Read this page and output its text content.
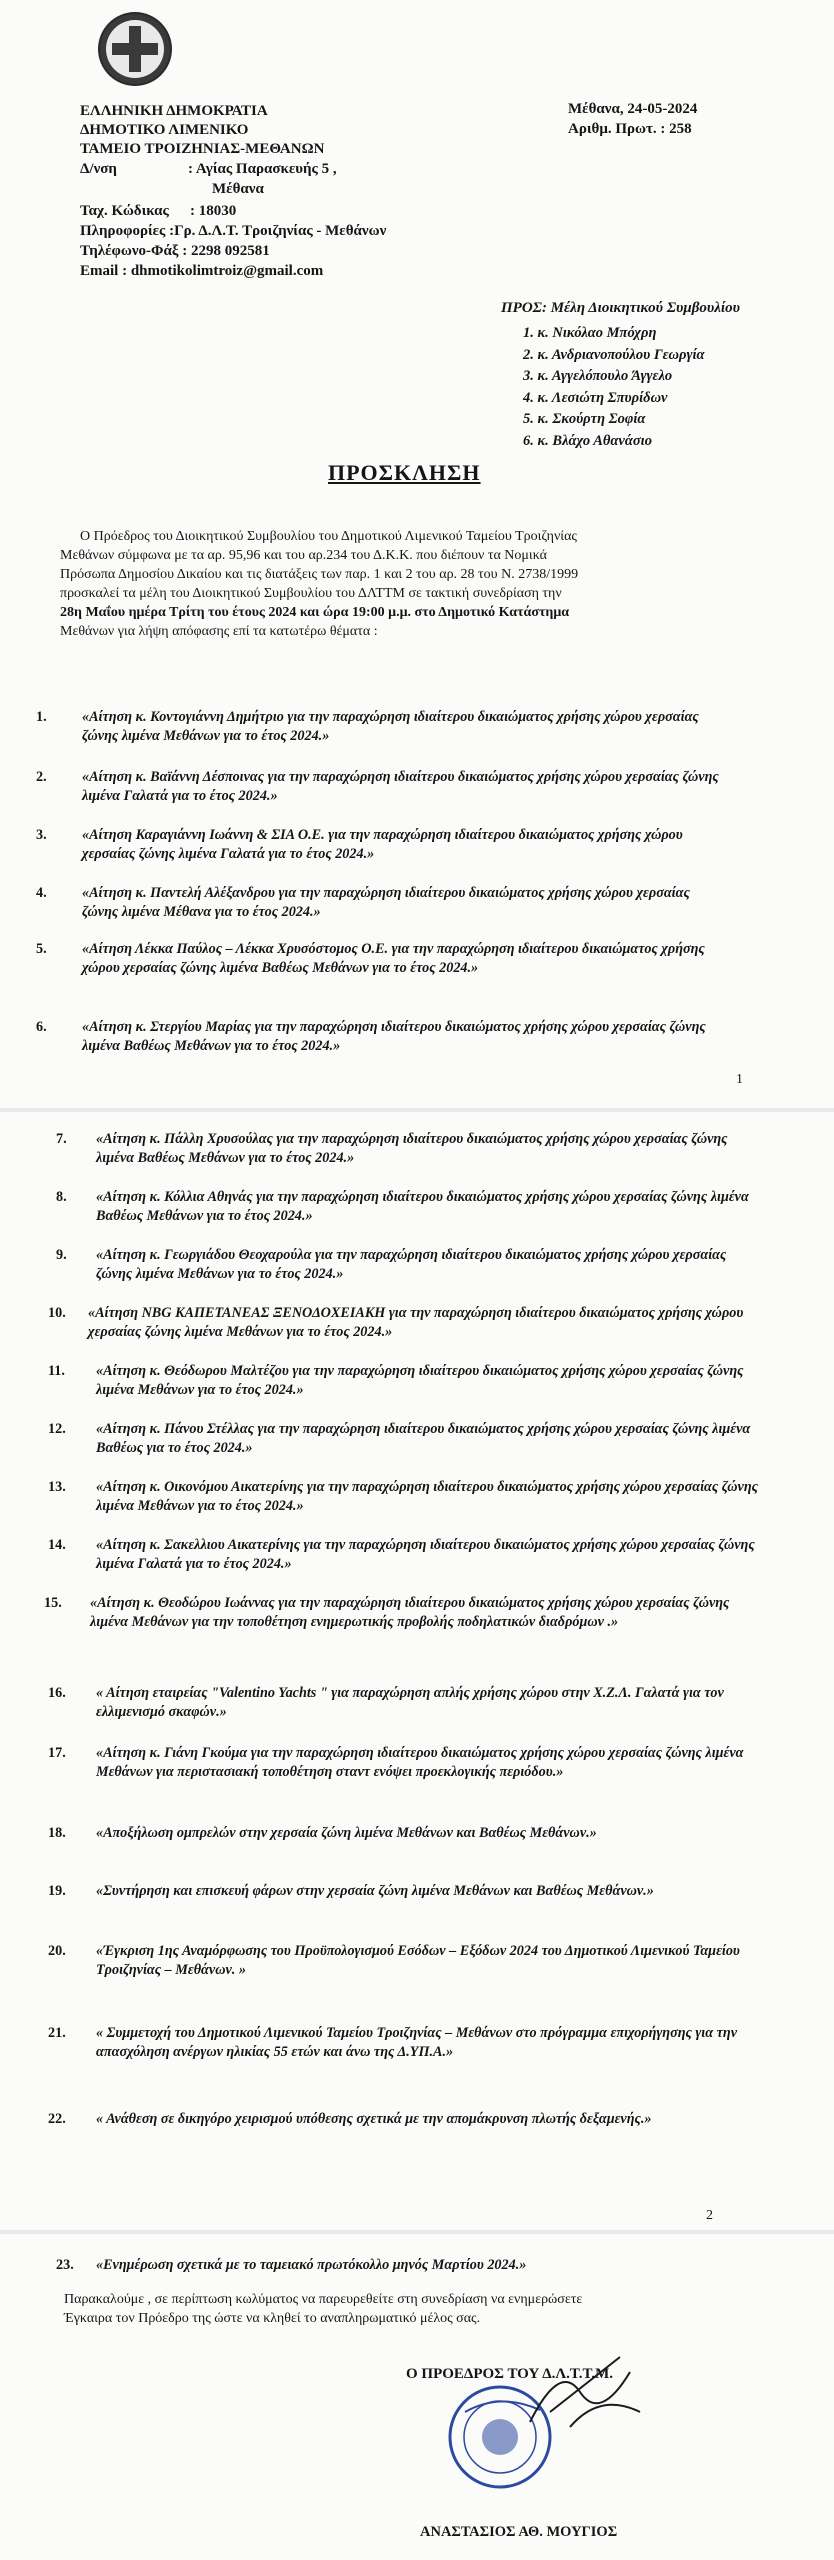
ΕΛΛΗΝΙΚΗ ΔΗΜΟΚΡΑΤΙΑ
ΔΗΜΟΤΙΚΟ ΛΙΜΕΝΙΚΟ
ΤΑΜΕΙΟ ΤΡΟΙΖΗΝΙΑΣ-ΜΕΘΑΝΩΝ
Δ/νση	: Αγίας Παρασκευής 5 ,
Μέθανα
Ταχ. Κώδικας : 18030
Πληροφορίες :Γρ. Δ.Λ.Τ. Τροιζηνίας - Μεθάνων
Τηλέφωνο-Φάξ : 2298 092581
Email : dhmotikolimtroiz@gmail.com
Μέθανα, 24-05-2024
Αριθμ. Πρωτ. : 258
ΠΡΟΣ: Μέλη Διοικητικού Συμβουλίου
1. κ. Νικόλαο Μπόχρη
2. κ. Ανδριανοπούλου Γεωργία
3. κ. Αγγελόπουλο Άγγελο
4. κ. Λεσιώτη Σπυρίδων
5. κ. Σκούρτη Σοφία
6. κ. Βλάχο Αθανάσιο
ΠΡΟΣΚΛΗΣΗ
Ο Πρόεδρος του Διοικητικού Συμβουλίου του Δημοτικού Λιμενικού Ταμείου Τροιζηνίας
Μεθάνων σύμφωνα με τα αρ. 95,96 και του αρ.234 του Δ.Κ.Κ. που διέπουν τα Νομικά
Πρόσωπα Δημοσίου Δικαίου και τις διατάξεις των παρ. 1 και 2 του αρ. 28 του Ν. 2738/1999
προσκαλεί τα μέλη του Διοικητικού Συμβουλίου του ΔΛΤΤΜ σε τακτική συνεδρίαση την
28η Μαΐου ημέρα Τρίτη του έτους 2024 και ώρα 19:00 μ.μ. στο Δημοτικό Κατάστημα
Μεθάνων για λήψη απόφασης επί τα κατωτέρω θέματα :
1. «Αίτηση κ. Κοντογιάννη Δημήτριο για την παραχώρηση ιδιαίτερου δικαιώματος χρήσης χώρου χερσαίας ζώνης λιμένα Μεθάνων για το έτος 2024.»
2. «Αίτηση κ. Βαϊάννη Δέσποινας για την παραχώρηση ιδιαίτερου δικαιώματος χρήσης χώρου χερσαίας ζώνης λιμένα Γαλατά για το έτος 2024.»
3. «Αίτηση Καραγιάννη Ιωάννη & ΣΙΑ Ο.Ε. για την παραχώρηση ιδιαίτερου δικαιώματος χρήσης χώρου χερσαίας ζώνης λιμένα Γαλατά για το έτος 2024.»
4. «Αίτηση κ. Παντελή Αλέξανδρου για την παραχώρηση ιδιαίτερου δικαιώματος χρήσης χώρου χερσαίας ζώνης λιμένα Μέθανα για το έτος 2024.»
5. «Αίτηση Λέκκα Παύλος – Λέκκα Χρυσόστομος Ο.Ε. για την παραχώρηση ιδιαίτερου δικαιώματος χρήσης χώρου χερσαίας ζώνης λιμένα Βαθέως Μεθάνων για το έτος 2024.»
6. «Αίτηση κ. Στεργίου Μαρίας για την παραχώρηση ιδιαίτερου δικαιώματος χρήσης χώρου χερσαίας ζώνης λιμένα Βαθέως Μεθάνων για το έτος 2024.»
1
7. «Αίτηση κ. Πάλλη Χρυσούλας για την παραχώρηση ιδιαίτερου δικαιώματος χρήσης χώρου χερσαίας ζώνης λιμένα Βαθέως Μεθάνων για το έτος 2024.»
8. «Αίτηση κ. Κόλλια Αθηνάς για την παραχώρηση ιδιαίτερου δικαιώματος χρήσης χώρου χερσαίας ζώνης λιμένα Βαθέως Μεθάνων για το έτος 2024.»
9. «Αίτηση κ. Γεωργιάδου Θεοχαρούλα για την παραχώρηση ιδιαίτερου δικαιώματος χρήσης χώρου χερσαίας ζώνης λιμένα Μεθάνων για το έτος 2024.»
10. «Αίτηση NBG ΚΑΠΕΤΑΝΕΑΣ ΞΕΝΟΔΟΧΕΙΑΚΗ για την παραχώρηση ιδιαίτερου δικαιώματος χρήσης χώρου χερσαίας ζώνης λιμένα Μεθάνων για το έτος 2024.»
11. «Αίτηση κ. Θεόδωρου Μαλτέζου για την παραχώρηση ιδιαίτερου δικαιώματος χρήσης χώρου χερσαίας ζώνης λιμένα Μεθάνων για το έτος 2024.»
12. «Αίτηση κ. Πάνου Στέλλας για την παραχώρηση ιδιαίτερου δικαιώματος χρήσης χώρου χερσαίας ζώνης λιμένα Βαθέως για το έτος 2024.»
13. «Αίτηση κ. Οικονόμου Αικατερίνης για την παραχώρηση ιδιαίτερου δικαιώματος χρήσης χώρου χερσαίας ζώνης λιμένα Μεθάνων για το έτος 2024.»
14. «Αίτηση κ. Σακελλιου Αικατερίνης για την παραχώρηση ιδιαίτερου δικαιώματος χρήσης χώρου χερσαίας ζώνης λιμένα Γαλατά για το έτος 2024.»
15. «Αίτηση κ. Θεοδώρου Ιωάννας για την παραχώρηση ιδιαίτερου δικαιώματος χρήσης χώρου χερσαίας ζώνης λιμένα Μεθάνων για την τοποθέτηση ενημερωτικής προβολής ποδηλατικών διαδρόμων .»
16. « Αίτηση εταιρείας "Valentino Yachts " για παραχώρηση απλής χρήσης χώρου στην Χ.Ζ.Λ. Γαλατά για τον ελλιμενισμό σκαφών.»
17. «Αίτηση κ. Γιάνη Γκούμα για την παραχώρηση ιδιαίτερου δικαιώματος χρήσης χώρου χερσαίας ζώνης λιμένα Μεθάνων για περιστασιακή τοποθέτηση σταντ ενόψει προεκλογικής περιόδου.»
18. «Αποξήλωση ομπρελών στην χερσαία ζώνη λιμένα Μεθάνων και Βαθέως Μεθάνων.»
19. «Συντήρηση και επισκευή φάρων στην χερσαία ζώνη λιμένα Μεθάνων και Βαθέως Μεθάνων.»
20. «Έγκριση 1ης Αναμόρφωσης του Προϋπολογισμού Εσόδων – Εξόδων 2024 του Δημοτικού Λιμενικού Ταμείου Τροιζηνίας – Μεθάνων. »
21. « Συμμετοχή του Δημοτικού Λιμενικού Ταμείου Τροιζηνίας – Μεθάνων στο πρόγραμμα επιχορήγησης για την απασχόληση ανέργων ηλικίας 55 ετών και άνω της Δ.ΥΠ.Α.»
22. « Ανάθεση σε δικηγόρο χειρισμού υπόθεσης σχετικά με την απομάκρυνση πλωτής δεξαμενής.»
2
23. «Ενημέρωση σχετικά με το ταμειακό πρωτόκολλο μηνός Μαρτίου 2024.»
Παρακαλούμε , σε περίπτωση κωλύματος να παρευρεθείτε στη συνεδρίαση να ενημερώσετε
Έγκαιρα τον Πρόεδρο της ώστε να κληθεί το αναπληρωματικό μέλος σας.
Ο ΠΡΟΕΔΡΟΣ ΤΟΥ Δ.Λ.Τ.Τ.Μ.
ΑΝΑΣΤΑΣΙΟΣ ΑΘ. ΜΟΥΓΙΟΣ
